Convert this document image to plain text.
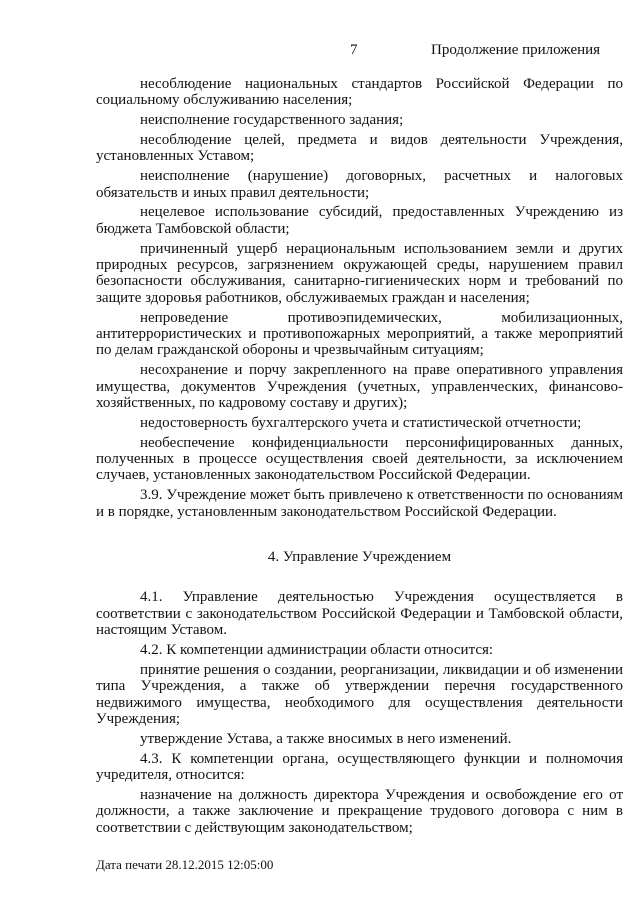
7	Продолжение приложения

несоблюдение национальных стандартов Российской Федерации по социальному обслуживанию населения;

неисполнение государственного задания;

несоблюдение целей, предмета и видов деятельности Учреждения, установленных Уставом;

неисполнение (нарушение) договорных, расчетных и налоговых обязательств и иных правил деятельности;

нецелевое использование субсидий, предоставленных Учреждению из бюджета Тамбовской области;

причиненный ущерб нерациональным использованием земли и других природных ресурсов, загрязнением окружающей среды, нарушением правил безопасности обслуживания, санитарно-гигиенических норм и требований по защите здоровья работников, обслуживаемых граждан и населения;

непроведение противоэпидемических, мобилизационных, антитеррористических и противопожарных мероприятий, а также мероприятий по делам гражданской обороны и чрезвычайным ситуациям;

несохранение и порчу закрепленного на праве оперативного управления имущества, документов Учреждения (учетных, управленческих, финансово-хозяйственных, по кадровому составу и других);

недостоверность бухгалтерского учета и статистической отчетности;

необеспечение конфиденциальности персонифицированных данных, полученных в процессе осуществления своей деятельности, за исключением случаев, установленных законодательством Российской Федерации.

3.9. Учреждение может быть привлечено к ответственности по основаниям и в порядке, установленным законодательством Российской Федерации.

4. Управление Учреждением

4.1. Управление деятельностью Учреждения осуществляется в соответствии с законодательством Российской Федерации и Тамбовской области, настоящим Уставом.

4.2. К компетенции администрации области относится:

принятие решения о создании, реорганизации, ликвидации и об изменении типа Учреждения, а также об утверждении перечня государственного недвижимого имущества, необходимого для осуществления деятельности Учреждения;

утверждение Устава, а также вносимых в него изменений.

4.3. К компетенции органа, осуществляющего функции и полномочия учредителя, относится:

назначение на должность директора Учреждения и освобождение его от должности, а также заключение и прекращение трудового договора с ним в соответствии с действующим законодательством;

Дата печати 28.12.2015 12:05:00
